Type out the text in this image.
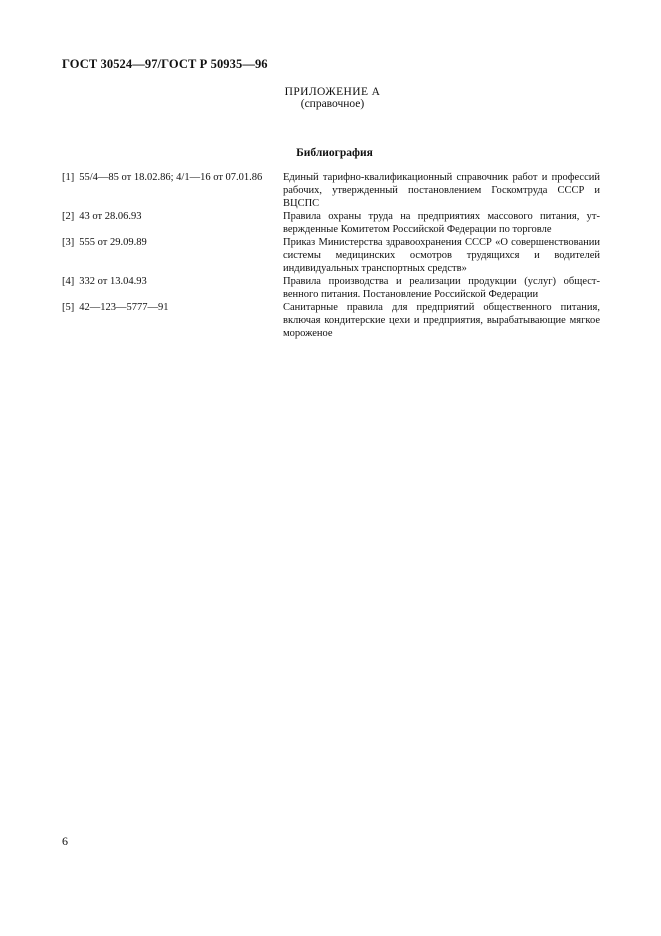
ГОСТ 30524—97/ГОСТ Р 50935—96
ПРИЛОЖЕНИЕ А
(справочное)
Библиография
[1] 55/4—85 от 18.02.86; 4/1—16 от 07.01.86	Единый тарифно-квалификационный справочник работ и профессий рабочих, утвержденный постановлением Госкомтруда СССР и ВЦСПС
[2] 43 от 28.06.93	Правила охраны труда на предприятиях массового питания, утвержденные Комитетом Российской Федерации по торговле
[3] 555 от 29.09.89	Приказ Министерства здравоохранения СССР «О совершенствовании системы медицинских осмотров трудящихся и водителей индивидуальных транспортных средств»
[4] 332 от 13.04.93	Правила производства и реализации продукции (услуг) общественного питания. Постановление Российской Федерации
[5] 42—123—5777—91	Санитарные правила для предприятий общественного питания, включая кондитерские цехи и предприятия, вырабатывающие мягкое мороженое
6
